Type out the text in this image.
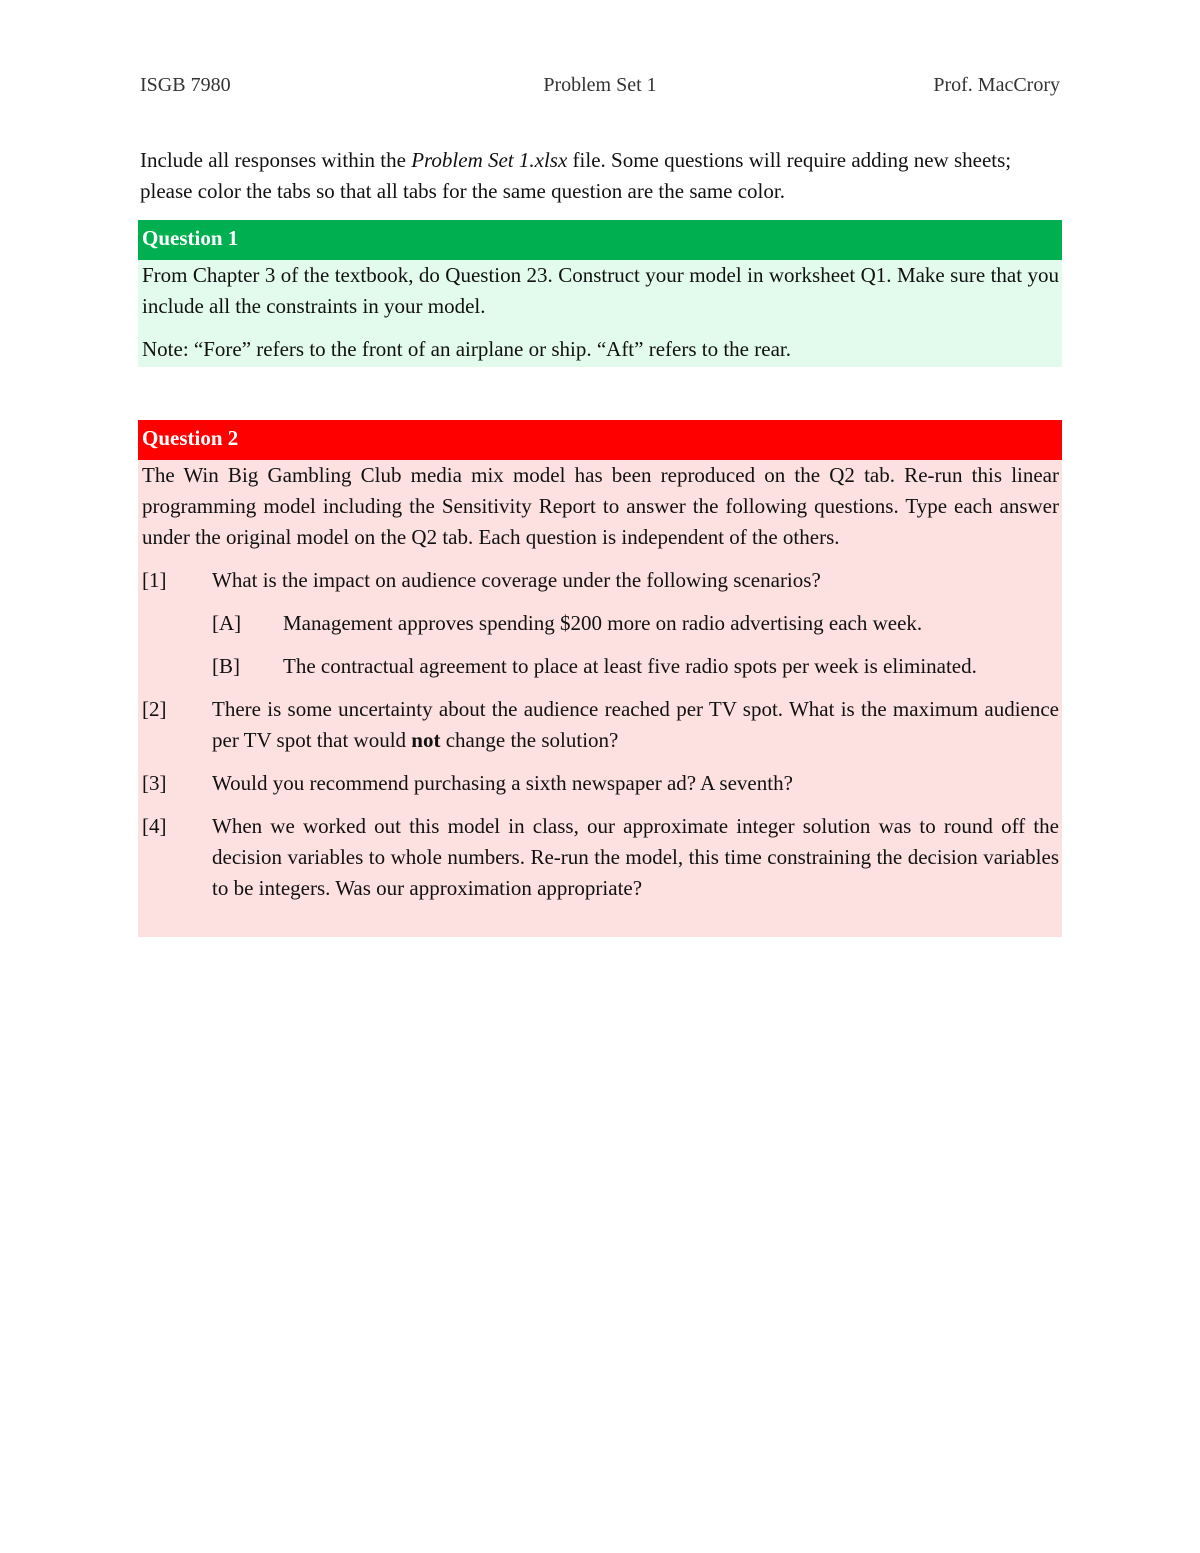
ISGB 7980	Problem Set 1	Prof. MacCrory

Include all responses within the Problem Set 1.xlsx file. Some questions will require adding new sheets; please color the tabs so that all tabs for the same question are the same color.

Question 1

From Chapter 3 of the textbook, do Question 23. Construct your model in worksheet Q1. Make sure that you include all the constraints in your model.

Note: “Fore” refers to the front of an airplane or ship. “Aft” refers to the rear.

Question 2

The Win Big Gambling Club media mix model has been reproduced on the Q2 tab. Re-run this linear programming model including the Sensitivity Report to answer the following questions. Type each answer under the original model on the Q2 tab. Each question is independent of the others.

[1] What is the impact on audience coverage under the following scenarios?
[A] Management approves spending $200 more on radio advertising each week.
[B] The contractual agreement to place at least five radio spots per week is eliminated.
[2] There is some uncertainty about the audience reached per TV spot. What is the maximum audience per TV spot that would not change the solution?
[3] Would you recommend purchasing a sixth newspaper ad? A seventh?
[4] When we worked out this model in class, our approximate integer solution was to round off the decision variables to whole numbers. Re-run the model, this time constraining the decision variables to be integers. Was our approximation appropriate?
